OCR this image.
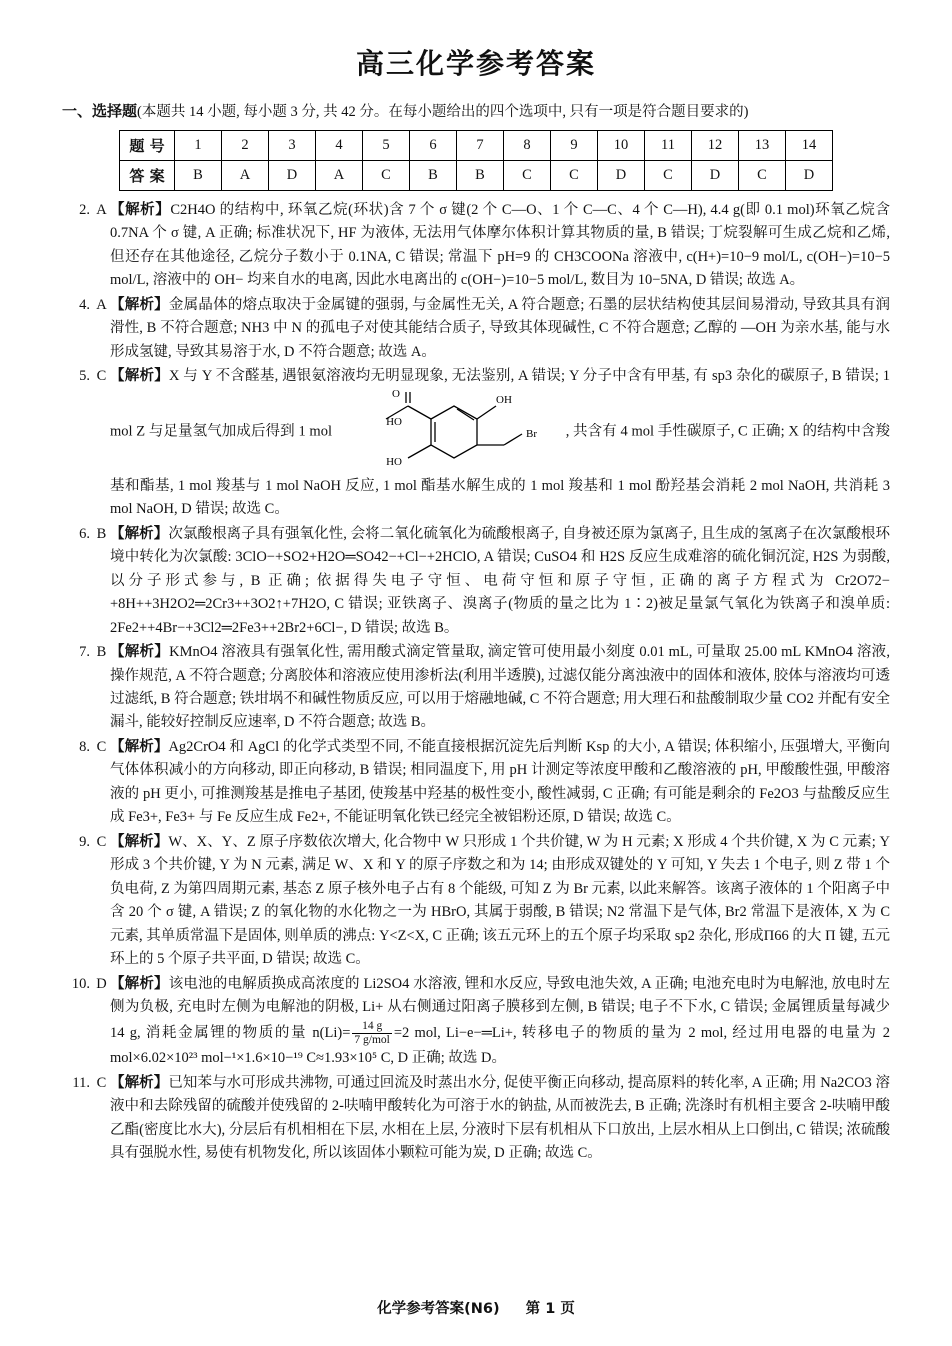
高三化学参考答案
一、选择题(本题共 14 小题, 每小题 3 分, 共 42 分。在每小题给出的四个选项中, 只有一项是符合题目要求的)
题 号	1	2	3	4	5	6	7	8	9	10	11	12	13	14
答 案	B	A	D	A	C	B	B	C	C	D	C	D	C	D
2. A 【解析】C2H4O 的结构中, 环氧乙烷(环状)含 7 个 σ 键(2 个 C—O、1 个 C—C、4 个 C—H), 4.4 g(即 0.1 mol)环氧乙烷含 0.7NA 个 σ 键, A 正确; 标准状况下, HF 为液体, 无法用气体摩尔体积计算其物质的量, B 错误; 丁烷裂解可生成乙烷和乙烯, 但还存在其他途径, 乙烷分子数小于 0.1NA, C 错误; 常温下 pH=9 的 CH3COONa 溶液中, c(H+)=10−9 mol/L, c(OH−)=10−5 mol/L, 溶液中的 OH− 均来自水的电离, 因此水电离出的 c(OH−)=10−5 mol/L, 数目为 10−5NA, D 错误; 故选 A。
4. A 【解析】金属晶体的熔点取决于金属键的强弱, 与金属性无关, A 符合题意; 石墨的层状结构使其层间易滑动, 导致其具有润滑性, B 不符合题意; NH3 中 N 的孤电子对使其能结合质子, 导致其体现碱性, C 不符合题意; 乙醇的 —OH 为亲水基, 能与水形成氢键, 导致其易溶于水, D 不符合题意; 故选 A。
5. C 【解析】X 与 Y 不含醛基, 遇银氨溶液均无明显现象, 无法鉴别, A 错误; Y 分子中含有甲基, 有 sp3 杂化的碳原子, B 错误; 1 mol Z 与足量氢气加成后得到 1 mol
O
HO
HO
OH
Br , 共含有 4 mol 手性碳原子, C 正确; X 的结构中含羧基和酯基, 1 mol 羧基与 1 mol NaOH 反应, 1 mol 酯基水解生成的 1 mol 羧基和 1 mol 酚羟基会消耗 2 mol NaOH, 共消耗 3 mol NaOH, D 错误; 故选 C。
6. B 【解析】次氯酸根离子具有强氧化性, 会将二氧化硫氧化为硫酸根离子, 自身被还原为氯离子, 且生成的氢离子在次氯酸根环境中转化为次氯酸: 3ClO−+SO2+H2O═SO42−+Cl−+2HClO, A 错误; CuSO4 和 H2S 反应生成难溶的硫化铜沉淀, H2S 为弱酸, 以分子形式参与, B 正确; 依据得失电子守恒、电荷守恒和原子守恒, 正确的离子方程式为 Cr2O72−+8H++3H2O2═2Cr3++3O2↑+7H2O, C 错误; 亚铁离子、溴离子(物质的量之比为 1∶2)被足量氯气氧化为铁离子和溴单质: 2Fe2++4Br−+3Cl2═2Fe3++2Br2+6Cl−, D 错误; 故选 B。
7. B 【解析】KMnO4 溶液具有强氧化性, 需用酸式滴定管量取, 滴定管可使用最小刻度 0.01 mL, 可量取 25.00 mL KMnO4 溶液, 操作规范, A 不符合题意; 分离胶体和溶液应使用渗析法(利用半透膜), 过滤仅能分离浊液中的固体和液体, 胶体与溶液均可透过滤纸, B 符合题意; 铁坩埚不和碱性物质反应, 可以用于熔融地碱, C 不符合题意; 用大理石和盐酸制取少量 CO2 并配有安全漏斗, 能较好控制反应速率, D 不符合题意; 故选 B。
8. C 【解析】Ag2CrO4 和 AgCl 的化学式类型不同, 不能直接根据沉淀先后判断 Ksp 的大小, A 错误; 体积缩小, 压强增大, 平衡向气体体积减小的方向移动, 即正向移动, B 错误; 相同温度下, 用 pH 计测定等浓度甲酸和乙酸溶液的 pH, 甲酸酸性强, 甲酸溶液的 pH 更小, 可推测羧基是推电子基团, 使羧基中羟基的极性变小, 酸性减弱, C 正确; 有可能是剩余的 Fe2O3 与盐酸反应生成 Fe3+, Fe3+ 与 Fe 反应生成 Fe2+, 不能证明氧化铁已经完全被铝粉还原, D 错误; 故选 C。
9. C 【解析】W、X、Y、Z 原子序数依次增大, 化合物中 W 只形成 1 个共价键, W 为 H 元素; X 形成 4 个共价键, X 为 C 元素; Y 形成 3 个共价键, Y 为 N 元素, 满足 W、X 和 Y 的原子序数之和为 14; 由形成双键处的 Y 可知, Y 失去 1 个电子, 则 Z 带 1 个负电荷, Z 为第四周期元素, 基态 Z 原子核外电子占有 8 个能级, 可知 Z 为 Br 元素, 以此来解答。该离子液体的 1 个阳离子中含 20 个 σ 键, A 错误; Z 的氧化物的水化物之一为 HBrO, 其属于弱酸, B 错误; N2 常温下是气体, Br2 常温下是液体, X 为 C 元素, 其单质常温下是固体, 则单质的沸点: Y<Z<X, C 正确; 该五元环上的五个原子均采取 sp2 杂化, 形成Π66 的大 Π 键, 五元环上的 5 个原子共平面, D 错误; 故选 C。
10. D 【解析】该电池的电解质换成高浓度的 Li2SO4 水溶液, 锂和水反应, 导致电池失效, A 正确; 电池充电时为电解池, 放电时左侧为负极, 充电时左侧为电解池的阴极, Li+ 从右侧通过阳离子膜移到左侧, B 错误; 电子不下水, C 错误; 金属锂质量每减少 14 g, 消耗金属锂的物质的量 $n(Li)= \frac{14 g}{\text{7 g/mol}} =2$ mol, Li−e−═Li+, 转移电子的物质的量为 2 mol, 经过用电器的电量为 2 mol×6.02×10²³ mol−¹×1.6×10−¹⁹ C≈1.93×10⁵ C, D 正确; 故选 D。
11. C 【解析】已知苯与水可形成共沸物, 可通过回流及时蒸出水分, 促使平衡正向移动, 提高原料的转化率, A 正确; 用 Na2CO3 溶液中和去除残留的硫酸并使残留的 2-呋喃甲酸转化为可溶于水的钠盐, 从而被洗去, B 正确; 洗涤时有机相主要含 2-呋喃甲酸乙酯(密度比水大), 分层后有机相相在下层, 水相在上层, 分液时下层有机相从下口放出, 上层水相从上口倒出, C 错误; 浓硫酸具有强脱水性, 易使有机物发化, 所以该固体小颗粒可能为炭, D 正确; 故选 C。
化学参考答案(N6) 第 1 页
